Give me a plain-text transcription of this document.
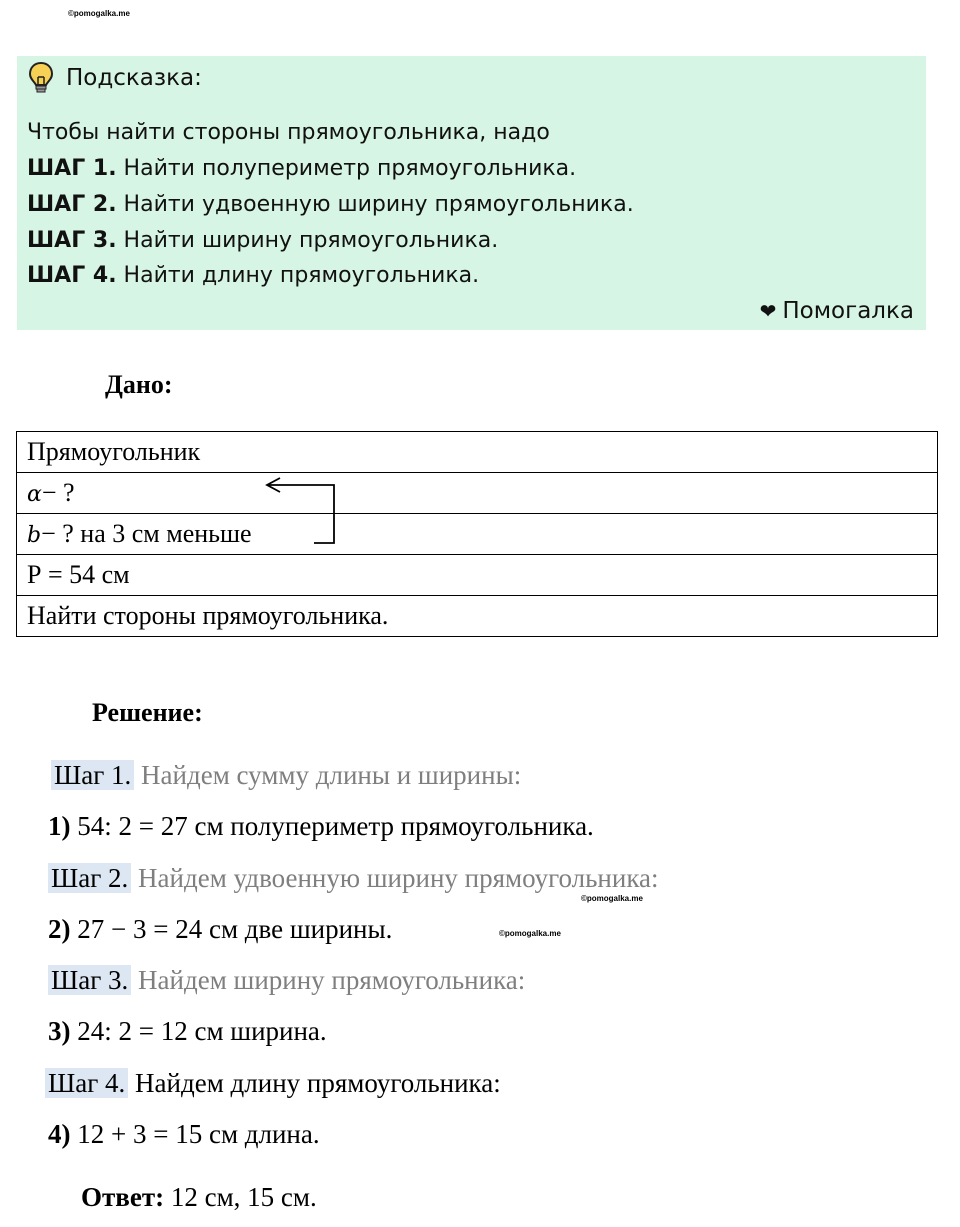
©pomogalka.me
Подсказка:
Чтобы найти стороны прямоугольника, надо
ШАГ 1. Найти полупериметр прямоугольника.
ШАГ 2. Найти удвоенную ширину прямоугольника.
ШАГ 3. Найти ширину прямоугольника.
ШАГ 4. Найти длину прямоугольника.
❤ Помогалка
Дано:
Прямоугольник
𝛼− ?
𝑏− ? на 3 см меньше
Р = 54 см
Найти стороны прямоугольника.
Решение:
Шаг 1. Найдем сумму длины и ширины:
1) 54: 2 = 27 см полупериметр прямоугольника.
Шаг 2. Найдем удвоенную ширину прямоугольника:
©pomogalka.me
2) 27 − 3 = 24 см две ширины.	©pomogalka.me
Шаг 3. Найдем ширину прямоугольника:
3) 24: 2 = 12 см ширина.
Шаг 4. Найдем длину прямоугольника:
4) 12 + 3 = 15 см длина.
Ответ: 12 см, 15 см.
